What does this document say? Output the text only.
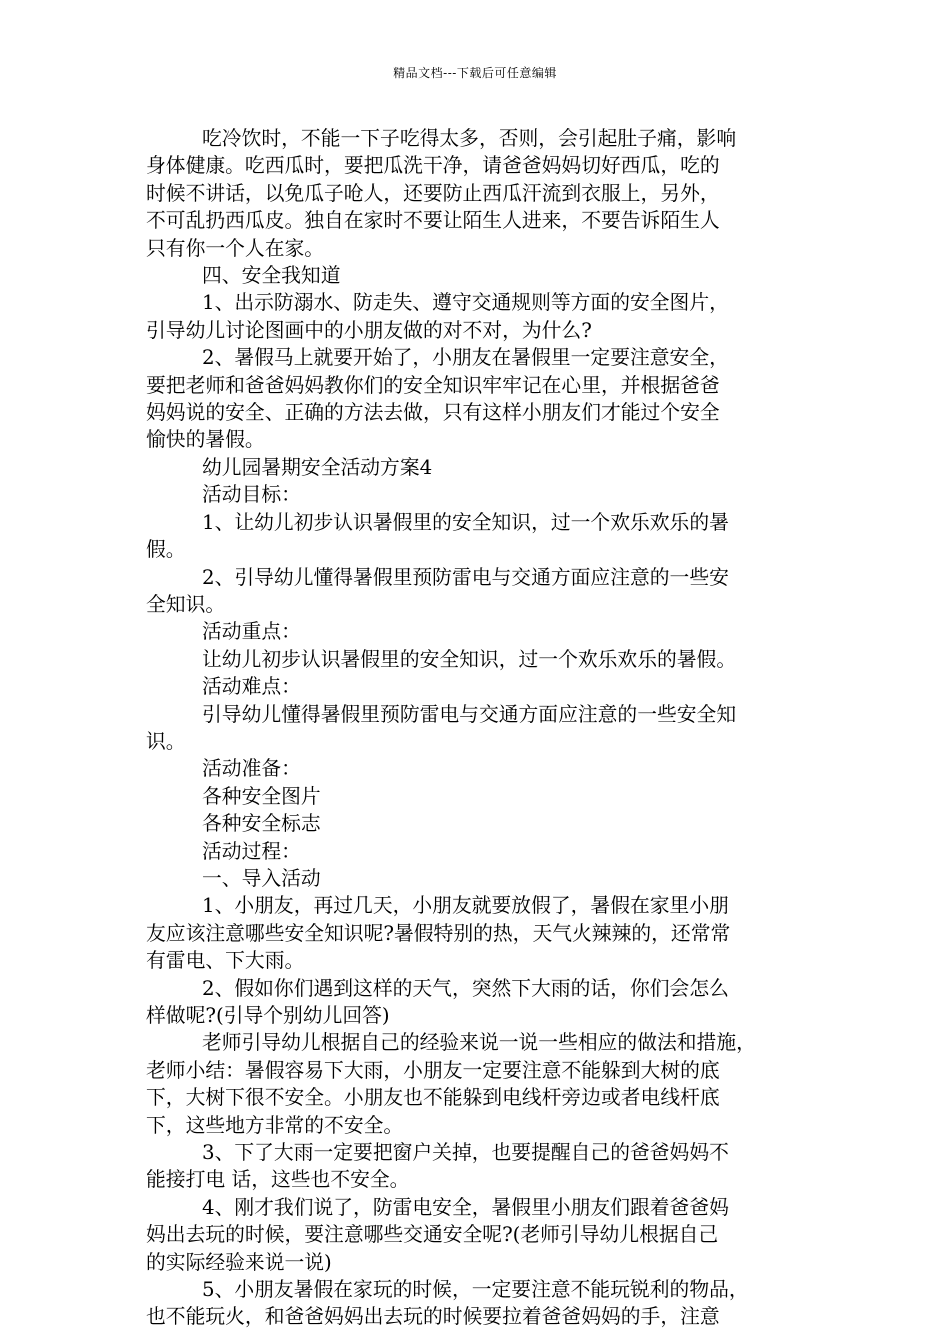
精品文档---下载后可任意编辑

吃冷饮时，不能一下子吃得太多，否则，会引起肚子痛，影响
身体健康。吃西瓜时，要把瓜洗干净，请爸爸妈妈切好西瓜，吃的
时候不讲话，以免瓜子呛人，还要防止西瓜汗流到衣服上，另外，
不可乱扔西瓜皮。独自在家时不要让陌生人进来，不要告诉陌生人
只有你一个人在家。

四、安全我知道

1、出示防溺水、防走失、遵守交通规则等方面的安全图片，
引导幼儿讨论图画中的小朋友做的对不对，为什么?

2、暑假马上就要开始了，小朋友在暑假里一定要注意安全，
要把老师和爸爸妈妈教你们的安全知识牢牢记在心里，并根据爸爸
妈妈说的安全、正确的方法去做，只有这样小朋友们才能过个安全
愉快的暑假。

幼儿园暑期安全活动方案4

活动目标：

1、让幼儿初步认识暑假里的安全知识，过一个欢乐欢乐的暑
假。

2、引导幼儿懂得暑假里预防雷电与交通方面应注意的一些安
全知识。

活动重点：

让幼儿初步认识暑假里的安全知识，过一个欢乐欢乐的暑假。

活动难点：

引导幼儿懂得暑假里预防雷电与交通方面应注意的一些安全知
识。

活动准备：

各种安全图片

各种安全标志

活动过程：

一、导入活动

1、小朋友，再过几天，小朋友就要放假了，暑假在家里小朋
友应该注意哪些安全知识呢?暑假特别的热，天气火辣辣的，还常常
有雷电、下大雨。

2、假如你们遇到这样的天气，突然下大雨的话，你们会怎么
样做呢?(引导个别幼儿回答)

老师引导幼儿根据自己的经验来说一说一些相应的做法和措施，
老师小结：暑假容易下大雨，小朋友一定要注意不能躲到大树的底
下，大树下很不安全。小朋友也不能躲到电线杆旁边或者电线杆底
下，这些地方非常的不安全。

3、下了大雨一定要把窗户关掉，也要提醒自己的爸爸妈妈不
能接打电 话，这些也不安全。

4、刚才我们说了，防雷电安全，暑假里小朋友们跟着爸爸妈
妈出去玩的时候，要注意哪些交通安全呢?(老师引导幼儿根据自己
的实际经验来说一说)

5、小朋友暑假在家玩的时候，一定要注意不能玩锐利的物品，
也不能玩火，和爸爸妈妈出去玩的时候要拉着爸爸妈妈的手，注意
